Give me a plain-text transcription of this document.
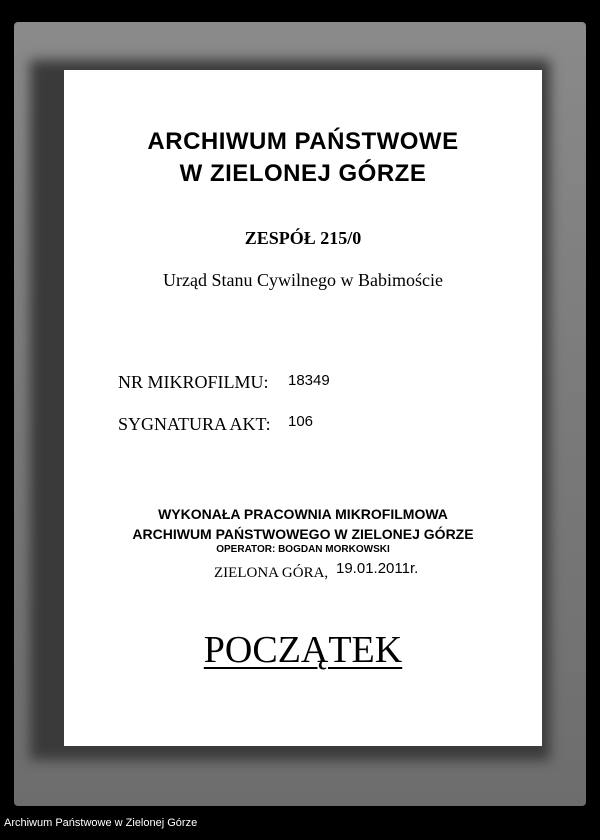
ARCHIWUM PAŃSTWOWE
W ZIELONEJ GÓRZE
ZESPÓŁ 215/0
Urząd Stanu Cywilnego w Babimoście
NR MIKROFILMU: 18349
SYGNATURA AKT: 106
WYKONAŁA PRACOWNIA MIKROFILMOWA
ARCHIWUM PAŃSTWOWEGO W ZIELONEJ GÓRZE
OPERATOR: BOGDAN MORKOWSKI
ZIELONA GÓRA, 19.01.2011r.
POCZĄTEK
Archiwum Państwowe w Zielonej Górze
